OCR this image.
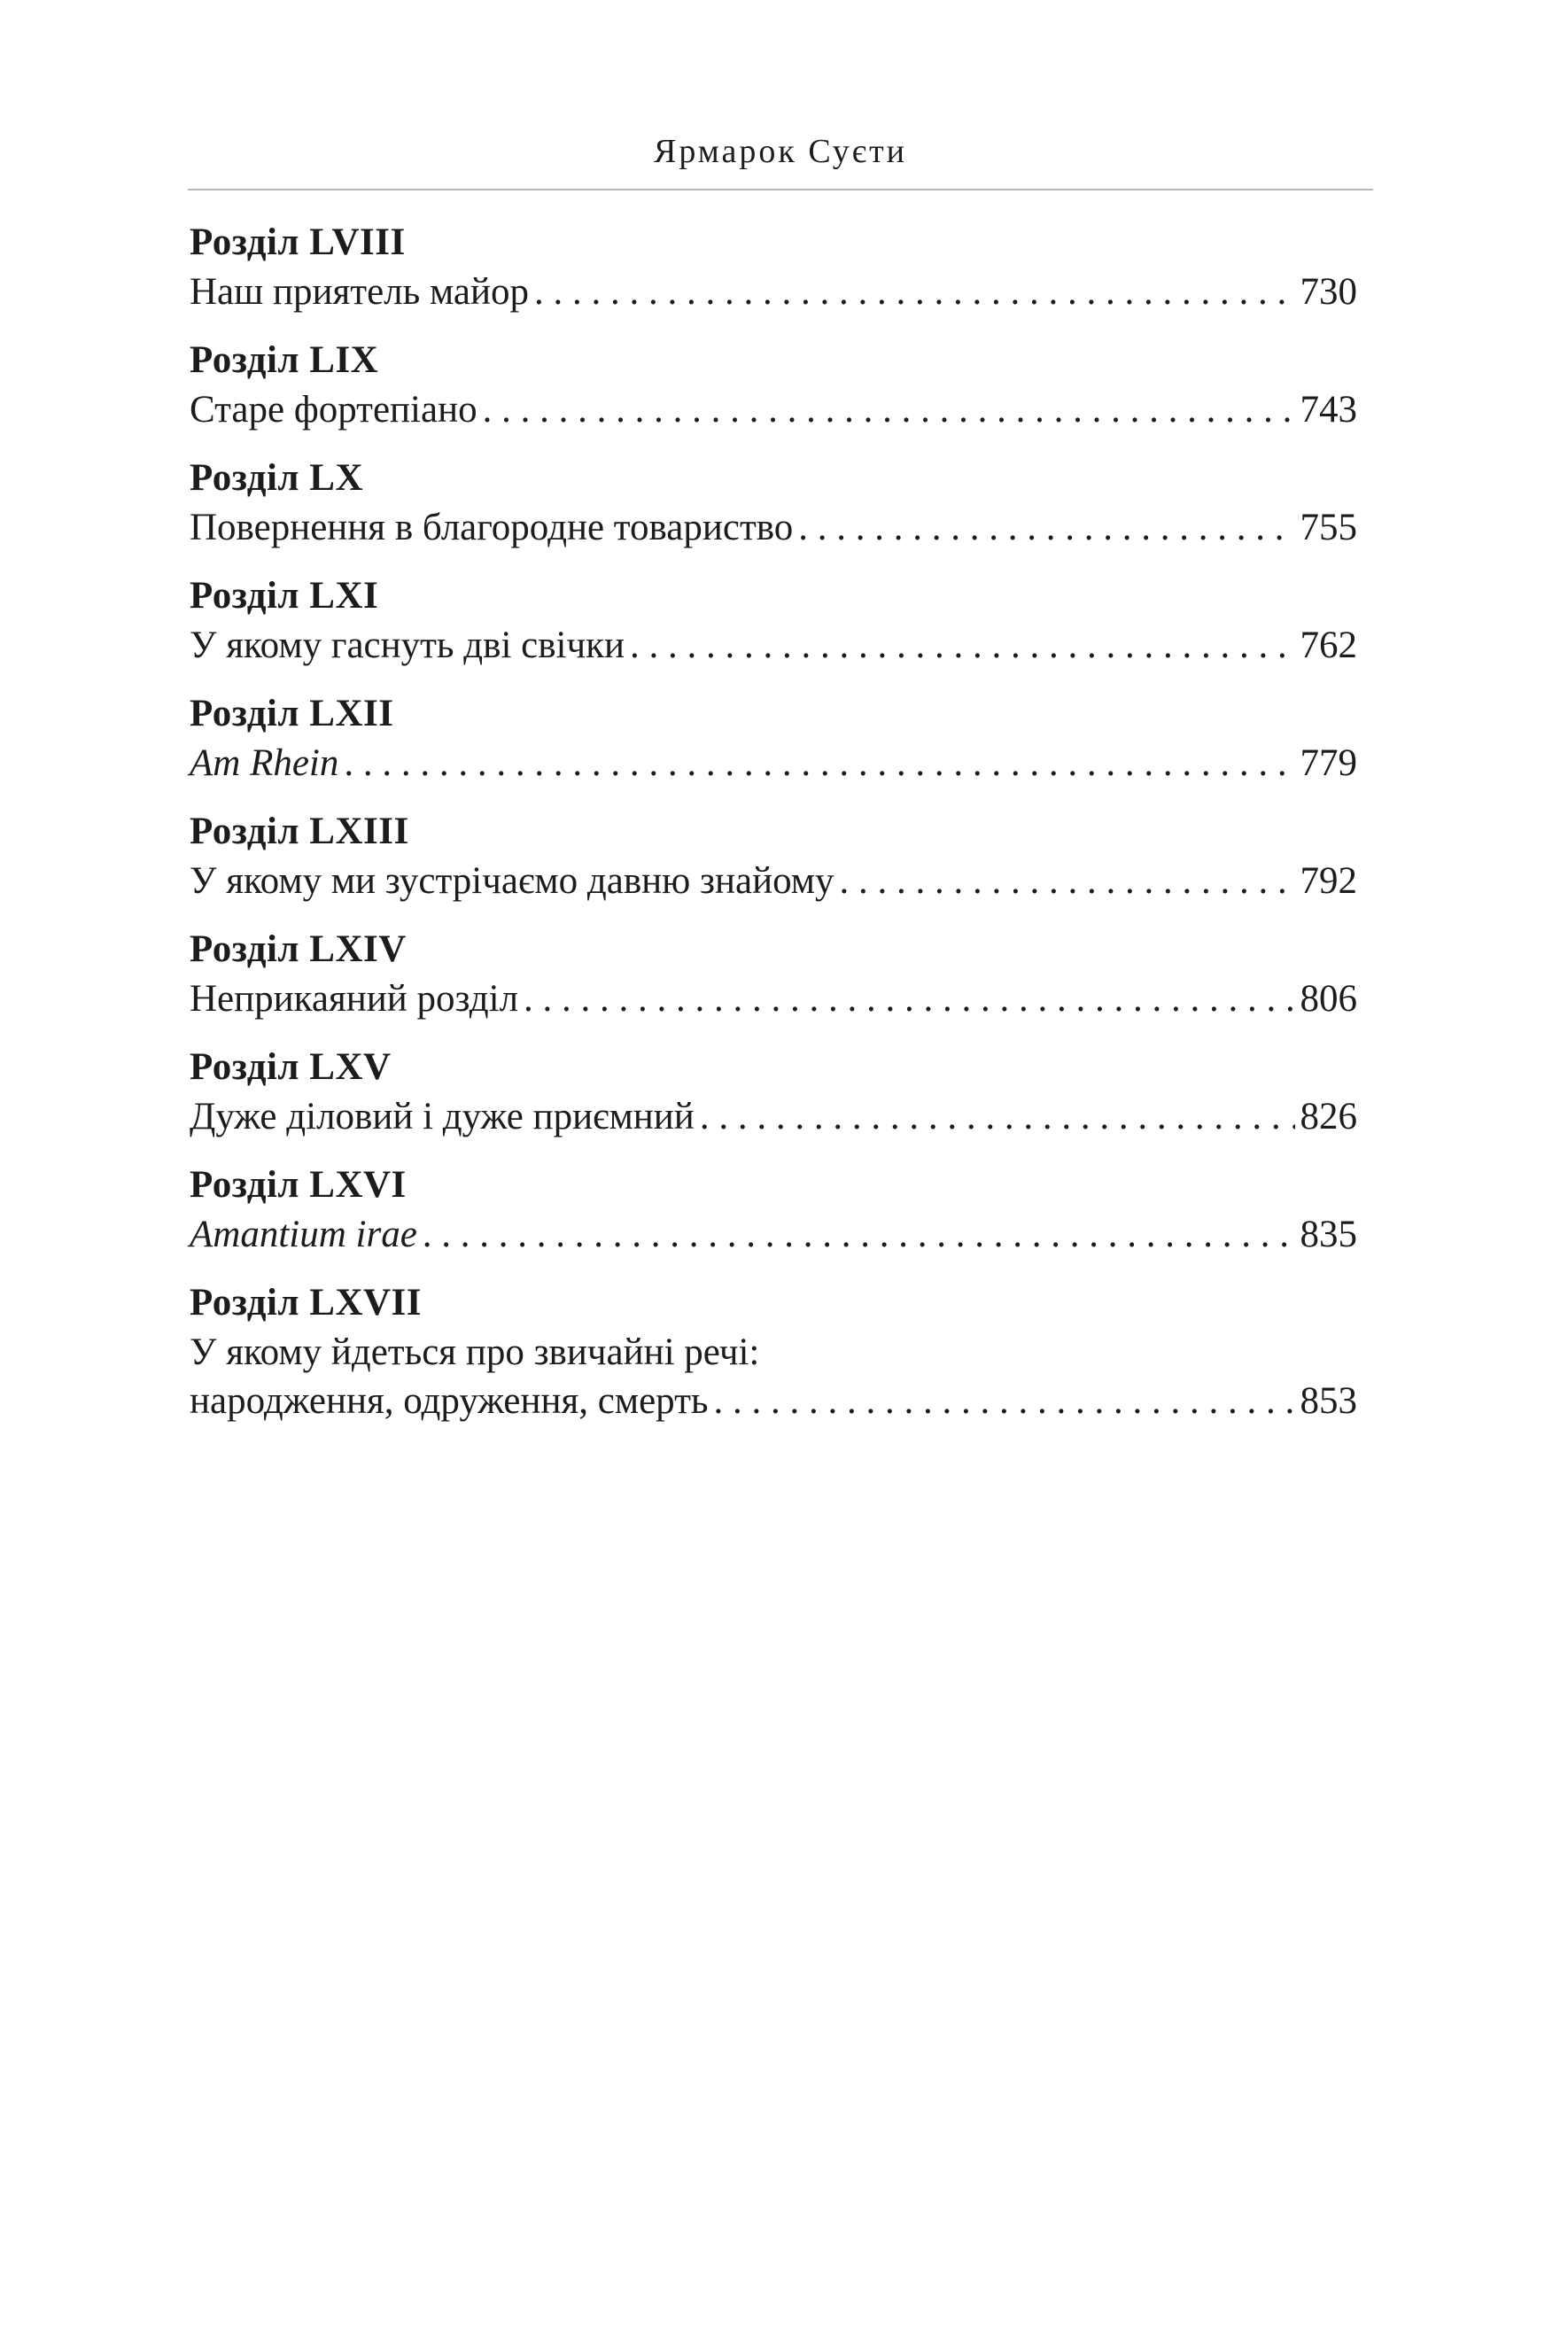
Ярмарок Суєти
Розділ LVIII
Наш приятель майор . . .	730
Розділ LIX
Старе фортепіано . . .	743
Розділ LX
Повернення в благородне товариство . . .	755
Розділ LXI
У якому гаснуть дві свічки . . .	762
Розділ LXII
Am Rhein . . .	779
Розділ LXIII
У якому ми зустрічаємо давню знайому . . .	792
Розділ LXIV
Неприкаяний розділ . . .	806
Розділ LXV
Дуже діловий і дуже приємний . . .	826
Розділ LXVI
Amantium irae . . .	835
Розділ LXVII
У якому йдеться про звичайні речі:
народження, одруження, смерть . . .	853
